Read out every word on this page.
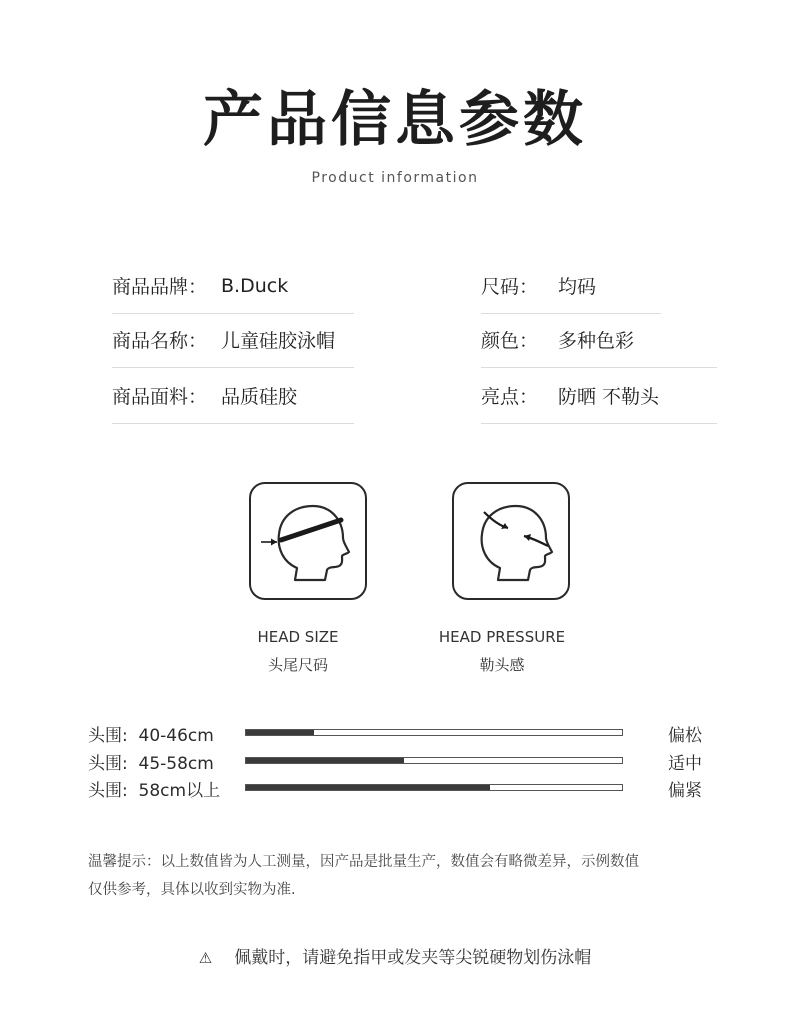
产品信息参数
Product information
商品品牌： B.Duck
商品名称： 儿童硅胶泳帽
商品面料： 品质硅胶
尺码： 均码
颜色： 多种色彩
亮点： 防晒 不勒头
HEAD SIZE
头尾尺码
HEAD PRESSURE
勒头感
头围:  40-46cm	偏松
头围:  45-58cm	适中
头围:  58cm以上	偏紧
温馨提示：以上数值皆为人工测量，因产品是批量生产，数值会有略微差异，示例数值
仅供参考，具体以收到实物为准.
⚠ 佩戴时，请避免指甲或发夹等尖锐硬物划伤泳帽
